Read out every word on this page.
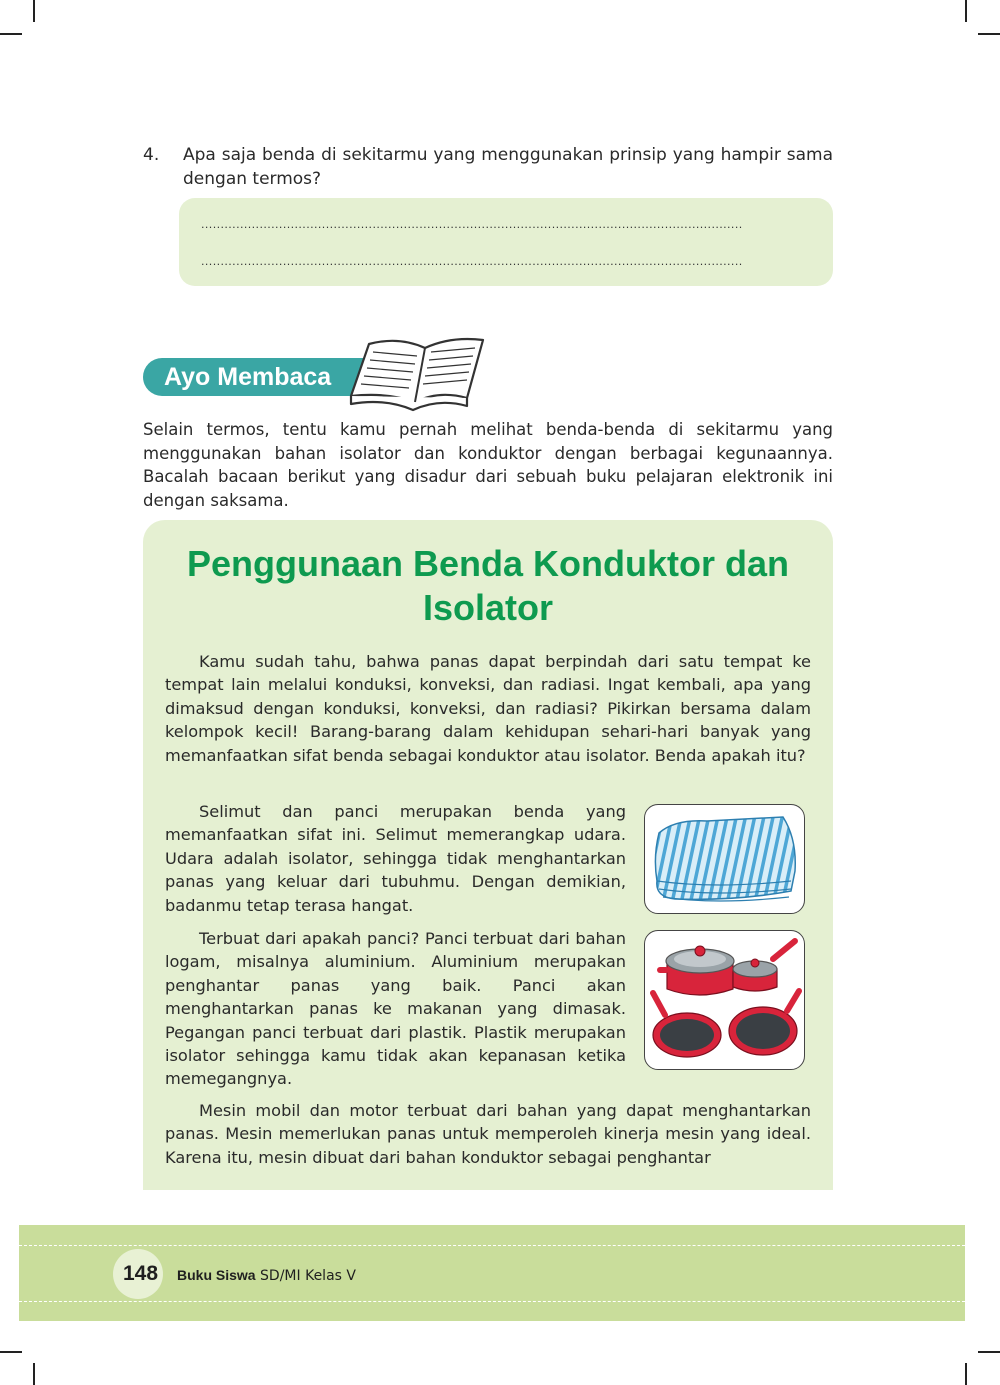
4. Apa saja benda di sekitarmu yang menggunakan prinsip yang hampir sama dengan termos?

...........................................................................................................................................
...........................................................................................................................................
Ayo Membaca

Selain termos, tentu kamu pernah melihat benda-benda di sekitarmu yang menggunakan bahan isolator dan konduktor dengan berbagai kegunaannya. Bacalah bacaan berikut yang disadur dari sebuah buku pelajaran elektronik ini dengan saksama.

Penggunaan Benda Konduktor dan Isolator

Kamu sudah tahu, bahwa panas dapat berpindah dari satu tempat ke tempat lain melalui konduksi, konveksi, dan radiasi. Ingat kembali, apa yang dimaksud dengan konduksi, konveksi, dan radiasi? Pikirkan bersama dalam kelompok kecil! Barang-barang dalam kehidupan sehari-hari banyak yang memanfaatkan sifat benda sebagai konduktor atau isolator. Benda apakah itu?

Selimut dan panci merupakan benda yang memanfaatkan sifat ini. Selimut memerangkap udara. Udara adalah isolator, sehingga tidak menghantarkan panas yang keluar dari tubuhmu. Dengan demikian, badanmu tetap terasa hangat.

Terbuat dari apakah panci? Panci terbuat dari bahan logam, misalnya aluminium. Aluminium merupakan penghantar panas yang baik. Panci akan menghantarkan panas ke makanan yang dimasak. Pegangan panci terbuat dari plastik. Plastik merupakan isolator sehingga kamu tidak akan kepanasan ketika memegangnya.

Mesin mobil dan motor terbuat dari bahan yang dapat menghantarkan panas. Mesin memerlukan panas untuk memperoleh kinerja mesin yang ideal. Karena itu, mesin dibuat dari bahan konduktor sebagai penghantar

148 Buku Siswa SD/MI Kelas V
